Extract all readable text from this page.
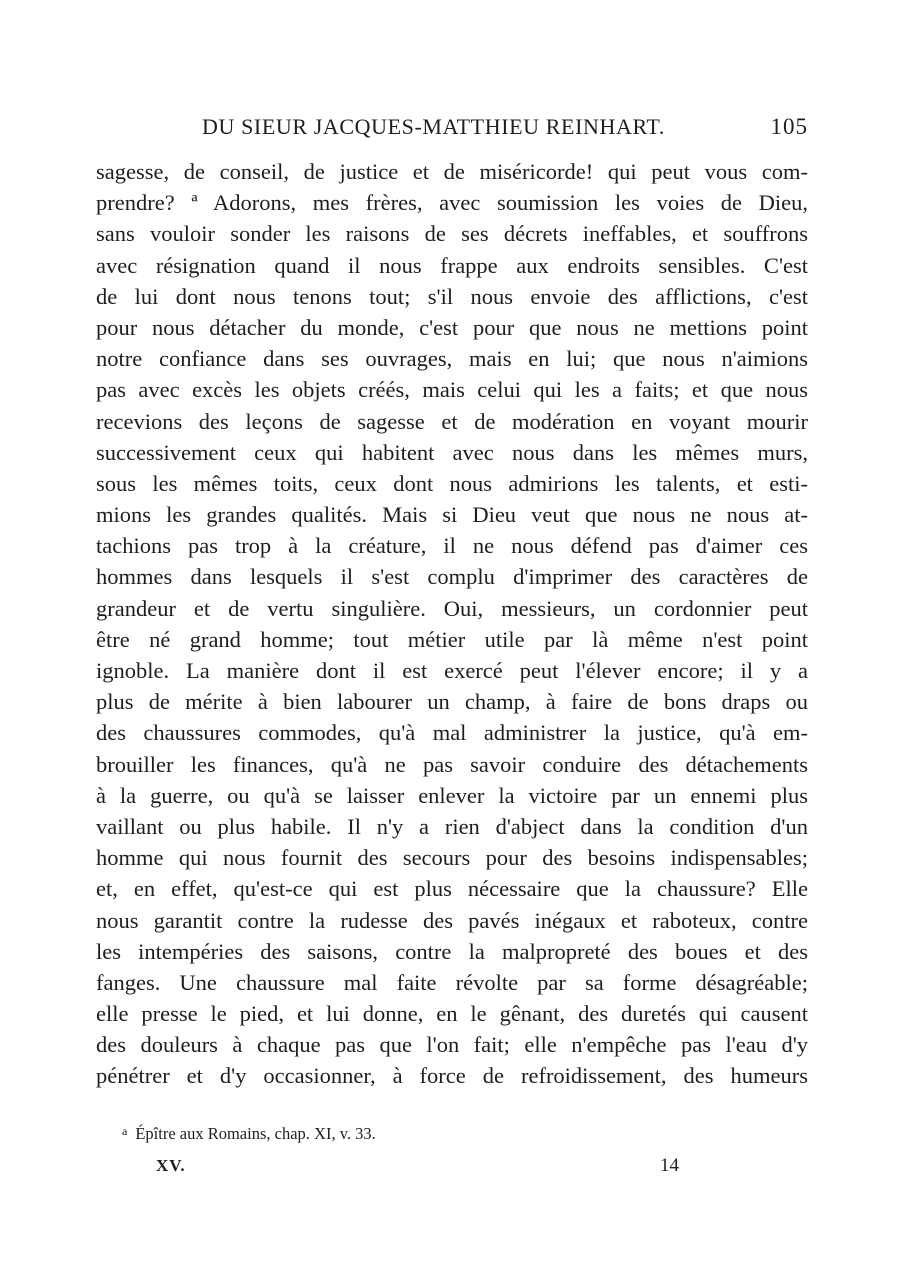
DU SIEUR JACQUES-MATTHIEU REINHART.	105
sagesse, de conseil, de justice et de miséricorde! qui peut vous com-
prendre? ª Adorons, mes frères, avec soumission les voies de Dieu,
sans vouloir sonder les raisons de ses décrets ineffables, et souffrons
avec résignation quand il nous frappe aux endroits sensibles. C'est
de lui dont nous tenons tout; s'il nous envoie des afflictions, c'est
pour nous détacher du monde, c'est pour que nous ne mettions point
notre confiance dans ses ouvrages, mais en lui; que nous n'aimions
pas avec excès les objets créés, mais celui qui les a faits; et que nous
recevions des leçons de sagesse et de modération en voyant mourir
successivement ceux qui habitent avec nous dans les mêmes murs,
sous les mêmes toits, ceux dont nous admirions les talents, et esti-
mions les grandes qualités. Mais si Dieu veut que nous ne nous at-
tachions pas trop à la créature, il ne nous défend pas d'aimer ces
hommes dans lesquels il s'est complu d'imprimer des caractères de
grandeur et de vertu singulière. Oui, messieurs, un cordonnier peut
être né grand homme; tout métier utile par là même n'est point
ignoble. La manière dont il est exercé peut l'élever encore; il y a
plus de mérite à bien labourer un champ, à faire de bons draps ou
des chaussures commodes, qu'à mal administrer la justice, qu'à em-
brouiller les finances, qu'à ne pas savoir conduire des détachements
à la guerre, ou qu'à se laisser enlever la victoire par un ennemi plus
vaillant ou plus habile. Il n'y a rien d'abject dans la condition d'un
homme qui nous fournit des secours pour des besoins indispensables;
et, en effet, qu'est-ce qui est plus nécessaire que la chaussure? Elle
nous garantit contre la rudesse des pavés inégaux et raboteux, contre
les intempéries des saisons, contre la malpropreté des boues et des
fanges. Une chaussure mal faite révolte par sa forme désagréable;
elle presse le pied, et lui donne, en le gênant, des duretés qui causent
des douleurs à chaque pas que l'on fait; elle n'empêche pas l'eau d'y
pénétrer et d'y occasionner, à force de refroidissement, des humeurs
$^a$ Épître aux Romains, chap. XI, v. 33.
XV.	14
